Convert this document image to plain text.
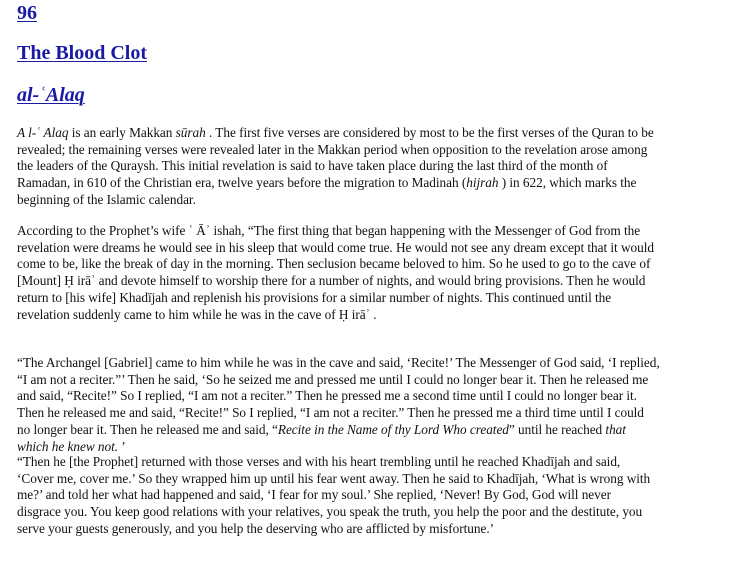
96
The Blood Clot
al-ʿAlaq

A l-ʿ Alaq is an early Makkan sūrah . The first five verses are considered by most to be the first verses of the Quran to be
revealed; the remaining verses were revealed later in the Makkan period when opposition to the revelation arose among
the leaders of the Quraysh. This initial revelation is said to have taken place during the last third of the month of
Ramadan, in 610 of the Christian era, twelve years before the migration to Madinah (hijrah ) in 622, which marks the
beginning of the Islamic calendar.

According to the Prophet’s wife ʿ Āʾ ishah, “The first thing that began happening with the Messenger of God from the
revelation were dreams he would see in his sleep that would come true. He would not see any dream except that it would
come to be, like the break of day in the morning. Then seclusion became beloved to him. So he used to go to the cave of
[Mount] Ḥ irāʾ and devote himself to worship there for a number of nights, and would bring provisions. Then he would
return to [his wife] Khadījah and replenish his provisions for a similar number of nights. This continued until the
revelation suddenly came to him while he was in the cave of Ḥ irāʾ .

“The Archangel [Gabriel] came to him while he was in the cave and said, ‘Recite!’ The Messenger of God said, ‘I replied,
“I am not a reciter.”’ Then he said, ‘So he seized me and pressed me until I could no longer bear it. Then he released me
and said, “Recite!” So I replied, “I am not a reciter.” Then he pressed me a second time until I could no longer bear it.
Then he released me and said, “Recite!” So I replied, “I am not a reciter.” Then he pressed me a third time until I could
no longer bear it. Then he released me and said, “Recite in the Name of thy Lord Who created” until he reached that
which he knew not. ’

“Then he [the Prophet] returned with those verses and with his heart trembling until he reached Khadījah and said,
‘Cover me, cover me.’ So they wrapped him up until his fear went away. Then he said to Khadījah, ‘What is wrong with
me?’ and told her what had happened and said, ‘I fear for my soul.’ She replied, ‘Never! By God, God will never
disgrace you. You keep good relations with your relatives, you speak the truth, you help the poor and the destitute, you
serve your guests generously, and you help the deserving who are afflicted by misfortune.’
